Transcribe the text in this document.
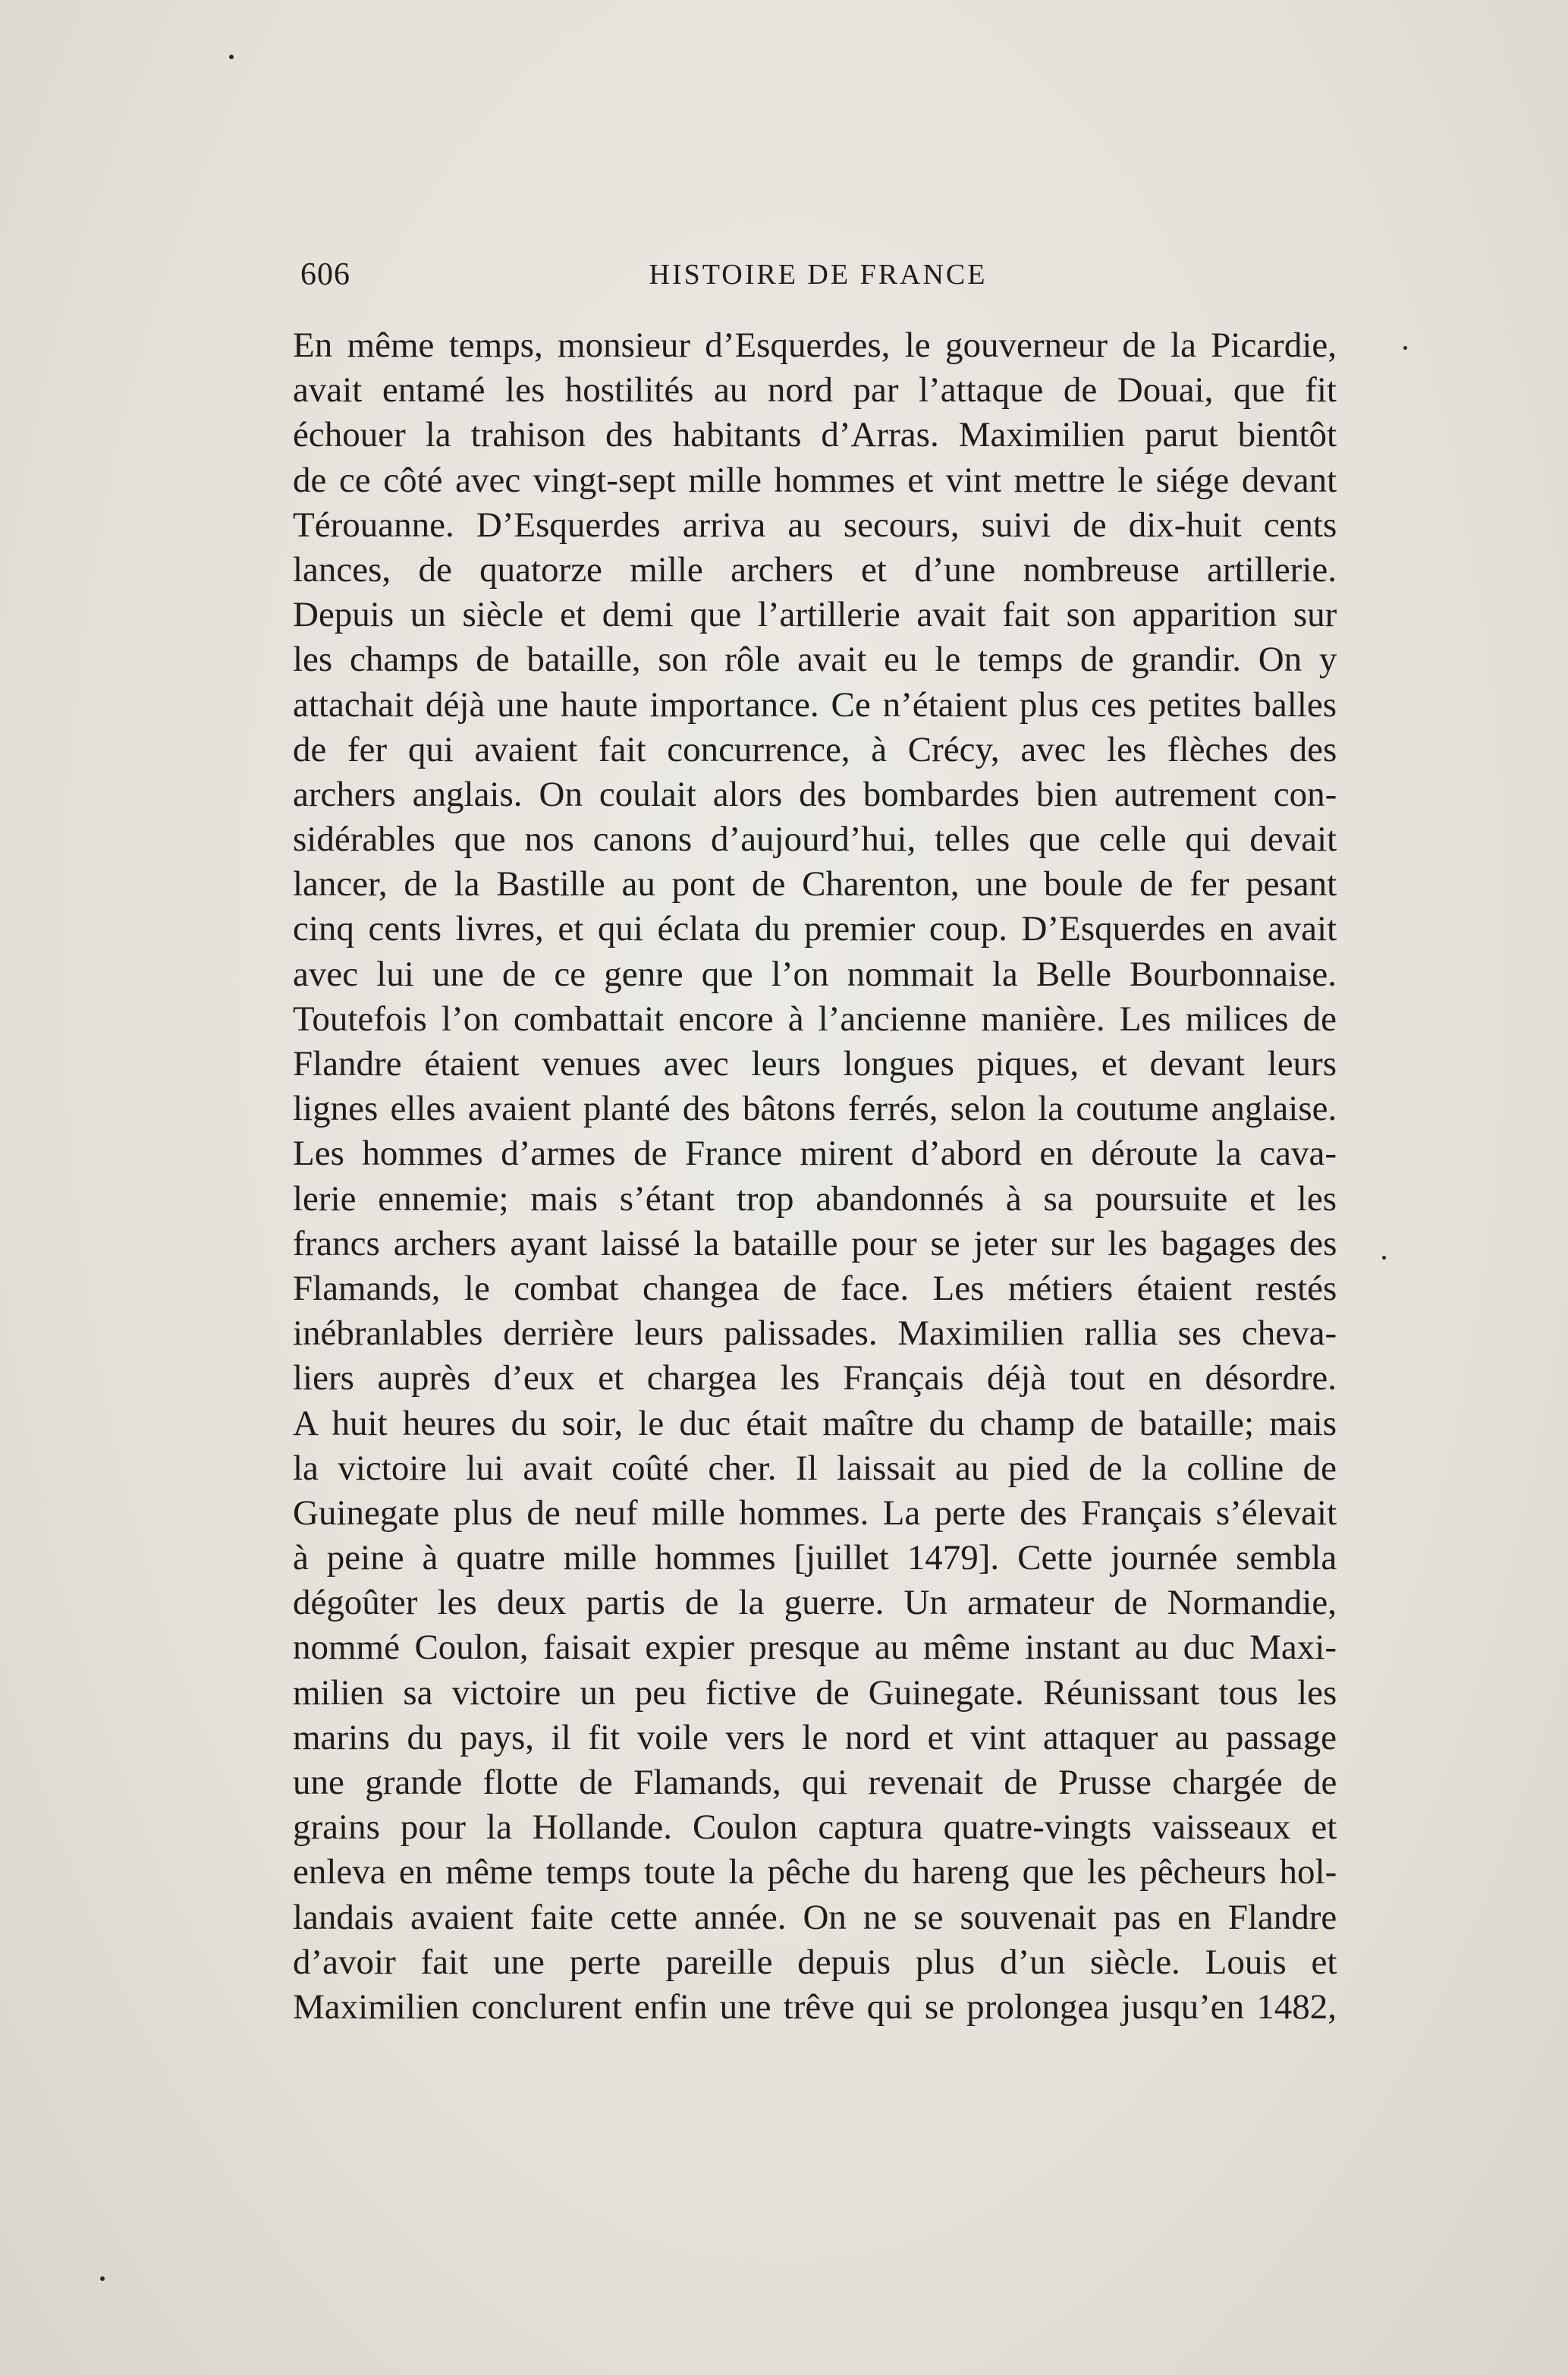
606	HISTOIRE DE FRANCE
En même temps, monsieur d’Esquerdes, le gouverneur de la Picardie,
avait entamé les hostilités au nord par l’attaque de Douai, que fit
échouer la trahison des habitants d’Arras. Maximilien parut bientôt
de ce côté avec vingt-sept mille hommes et vint mettre le siége devant
Térouanne. D’Esquerdes arriva au secours, suivi de dix-huit cents
lances, de quatorze mille archers et d’une nombreuse artillerie.
Depuis un siècle et demi que l’artillerie avait fait son apparition sur
les champs de bataille, son rôle avait eu le temps de grandir. On y
attachait déjà une haute importance. Ce n’étaient plus ces petites balles
de fer qui avaient fait concurrence, à Crécy, avec les flèches des
archers anglais. On coulait alors des bombardes bien autrement con-
sidérables que nos canons d’aujourd’hui, telles que celle qui devait
lancer, de la Bastille au pont de Charenton, une boule de fer pesant
cinq cents livres, et qui éclata du premier coup. D’Esquerdes en avait
avec lui une de ce genre que l’on nommait la Belle Bourbonnaise.
Toutefois l’on combattait encore à l’ancienne manière. Les milices de
Flandre étaient venues avec leurs longues piques, et devant leurs
lignes elles avaient planté des bâtons ferrés, selon la coutume anglaise.
Les hommes d’armes de France mirent d’abord en déroute la cava-
lerie ennemie; mais s’étant trop abandonnés à sa poursuite et les
francs archers ayant laissé la bataille pour se jeter sur les bagages des
Flamands, le combat changea de face. Les métiers étaient restés
inébranlables derrière leurs palissades. Maximilien rallia ses cheva-
liers auprès d’eux et chargea les Français déjà tout en désordre.
A huit heures du soir, le duc était maître du champ de bataille; mais
la victoire lui avait coûté cher. Il laissait au pied de la colline de
Guinegate plus de neuf mille hommes. La perte des Français s’élevait
à peine à quatre mille hommes [juillet 1479]. Cette journée sembla
dégoûter les deux partis de la guerre. Un armateur de Normandie,
nommé Coulon, faisait expier presque au même instant au duc Maxi-
milien sa victoire un peu fictive de Guinegate. Réunissant tous les
marins du pays, il fit voile vers le nord et vint attaquer au passage
une grande flotte de Flamands, qui revenait de Prusse chargée de
grains pour la Hollande. Coulon captura quatre-vingts vaisseaux et
enleva en même temps toute la pêche du hareng que les pêcheurs hol-
landais avaient faite cette année. On ne se souvenait pas en Flandre
d’avoir fait une perte pareille depuis plus d’un siècle. Louis et
Maximilien conclurent enfin une trêve qui se prolongea jusqu’en 1482,
